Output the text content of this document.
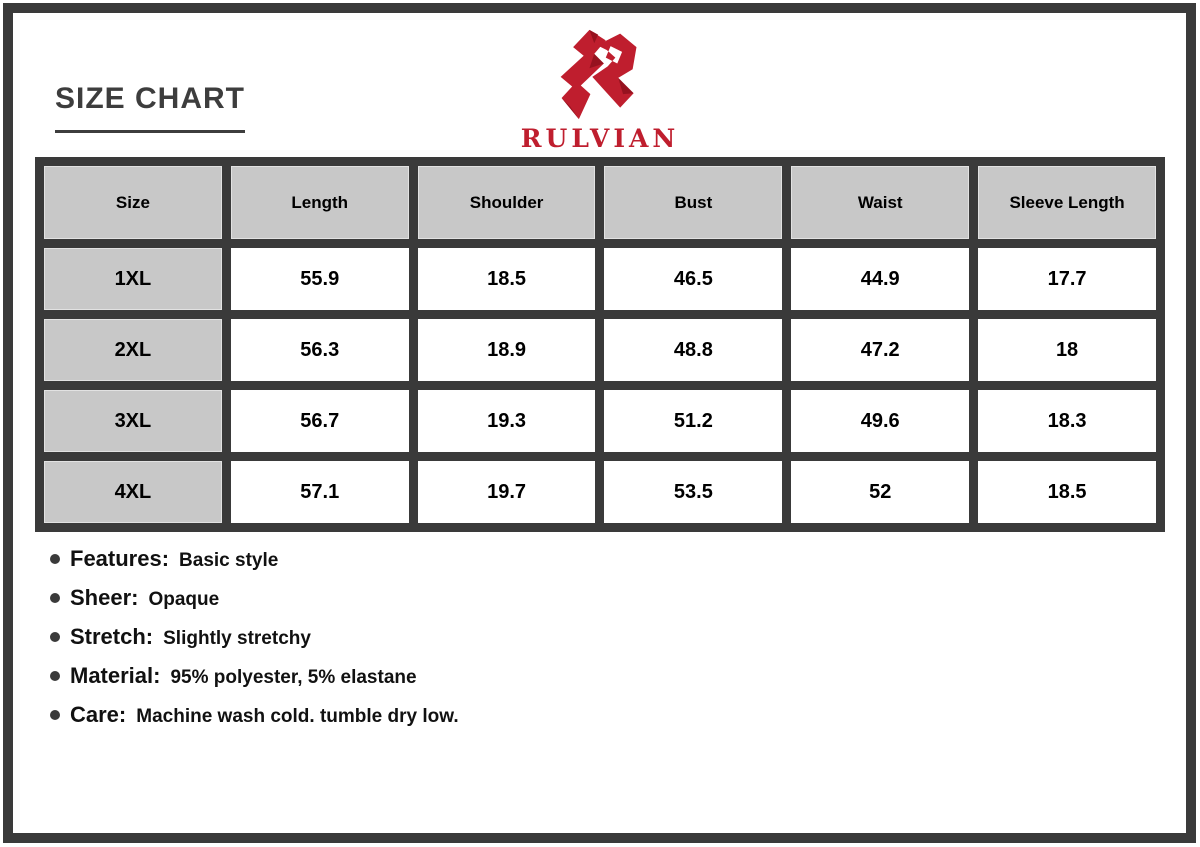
SIZE CHART
RULVIAN
Size	Length	Shoulder	Bust	Waist	Sleeve Length
1XL	55.9	18.5	46.5	44.9	17.7
2XL	56.3	18.9	48.8	47.2	18
3XL	56.7	19.3	51.2	49.6	18.3
4XL	57.1	19.7	53.5	52	18.5
Features: Basic style
Sheer: Opaque
Stretch: Slightly stretchy
Material: 95% polyester, 5% elastane
Care: Machine wash cold. tumble dry low.
